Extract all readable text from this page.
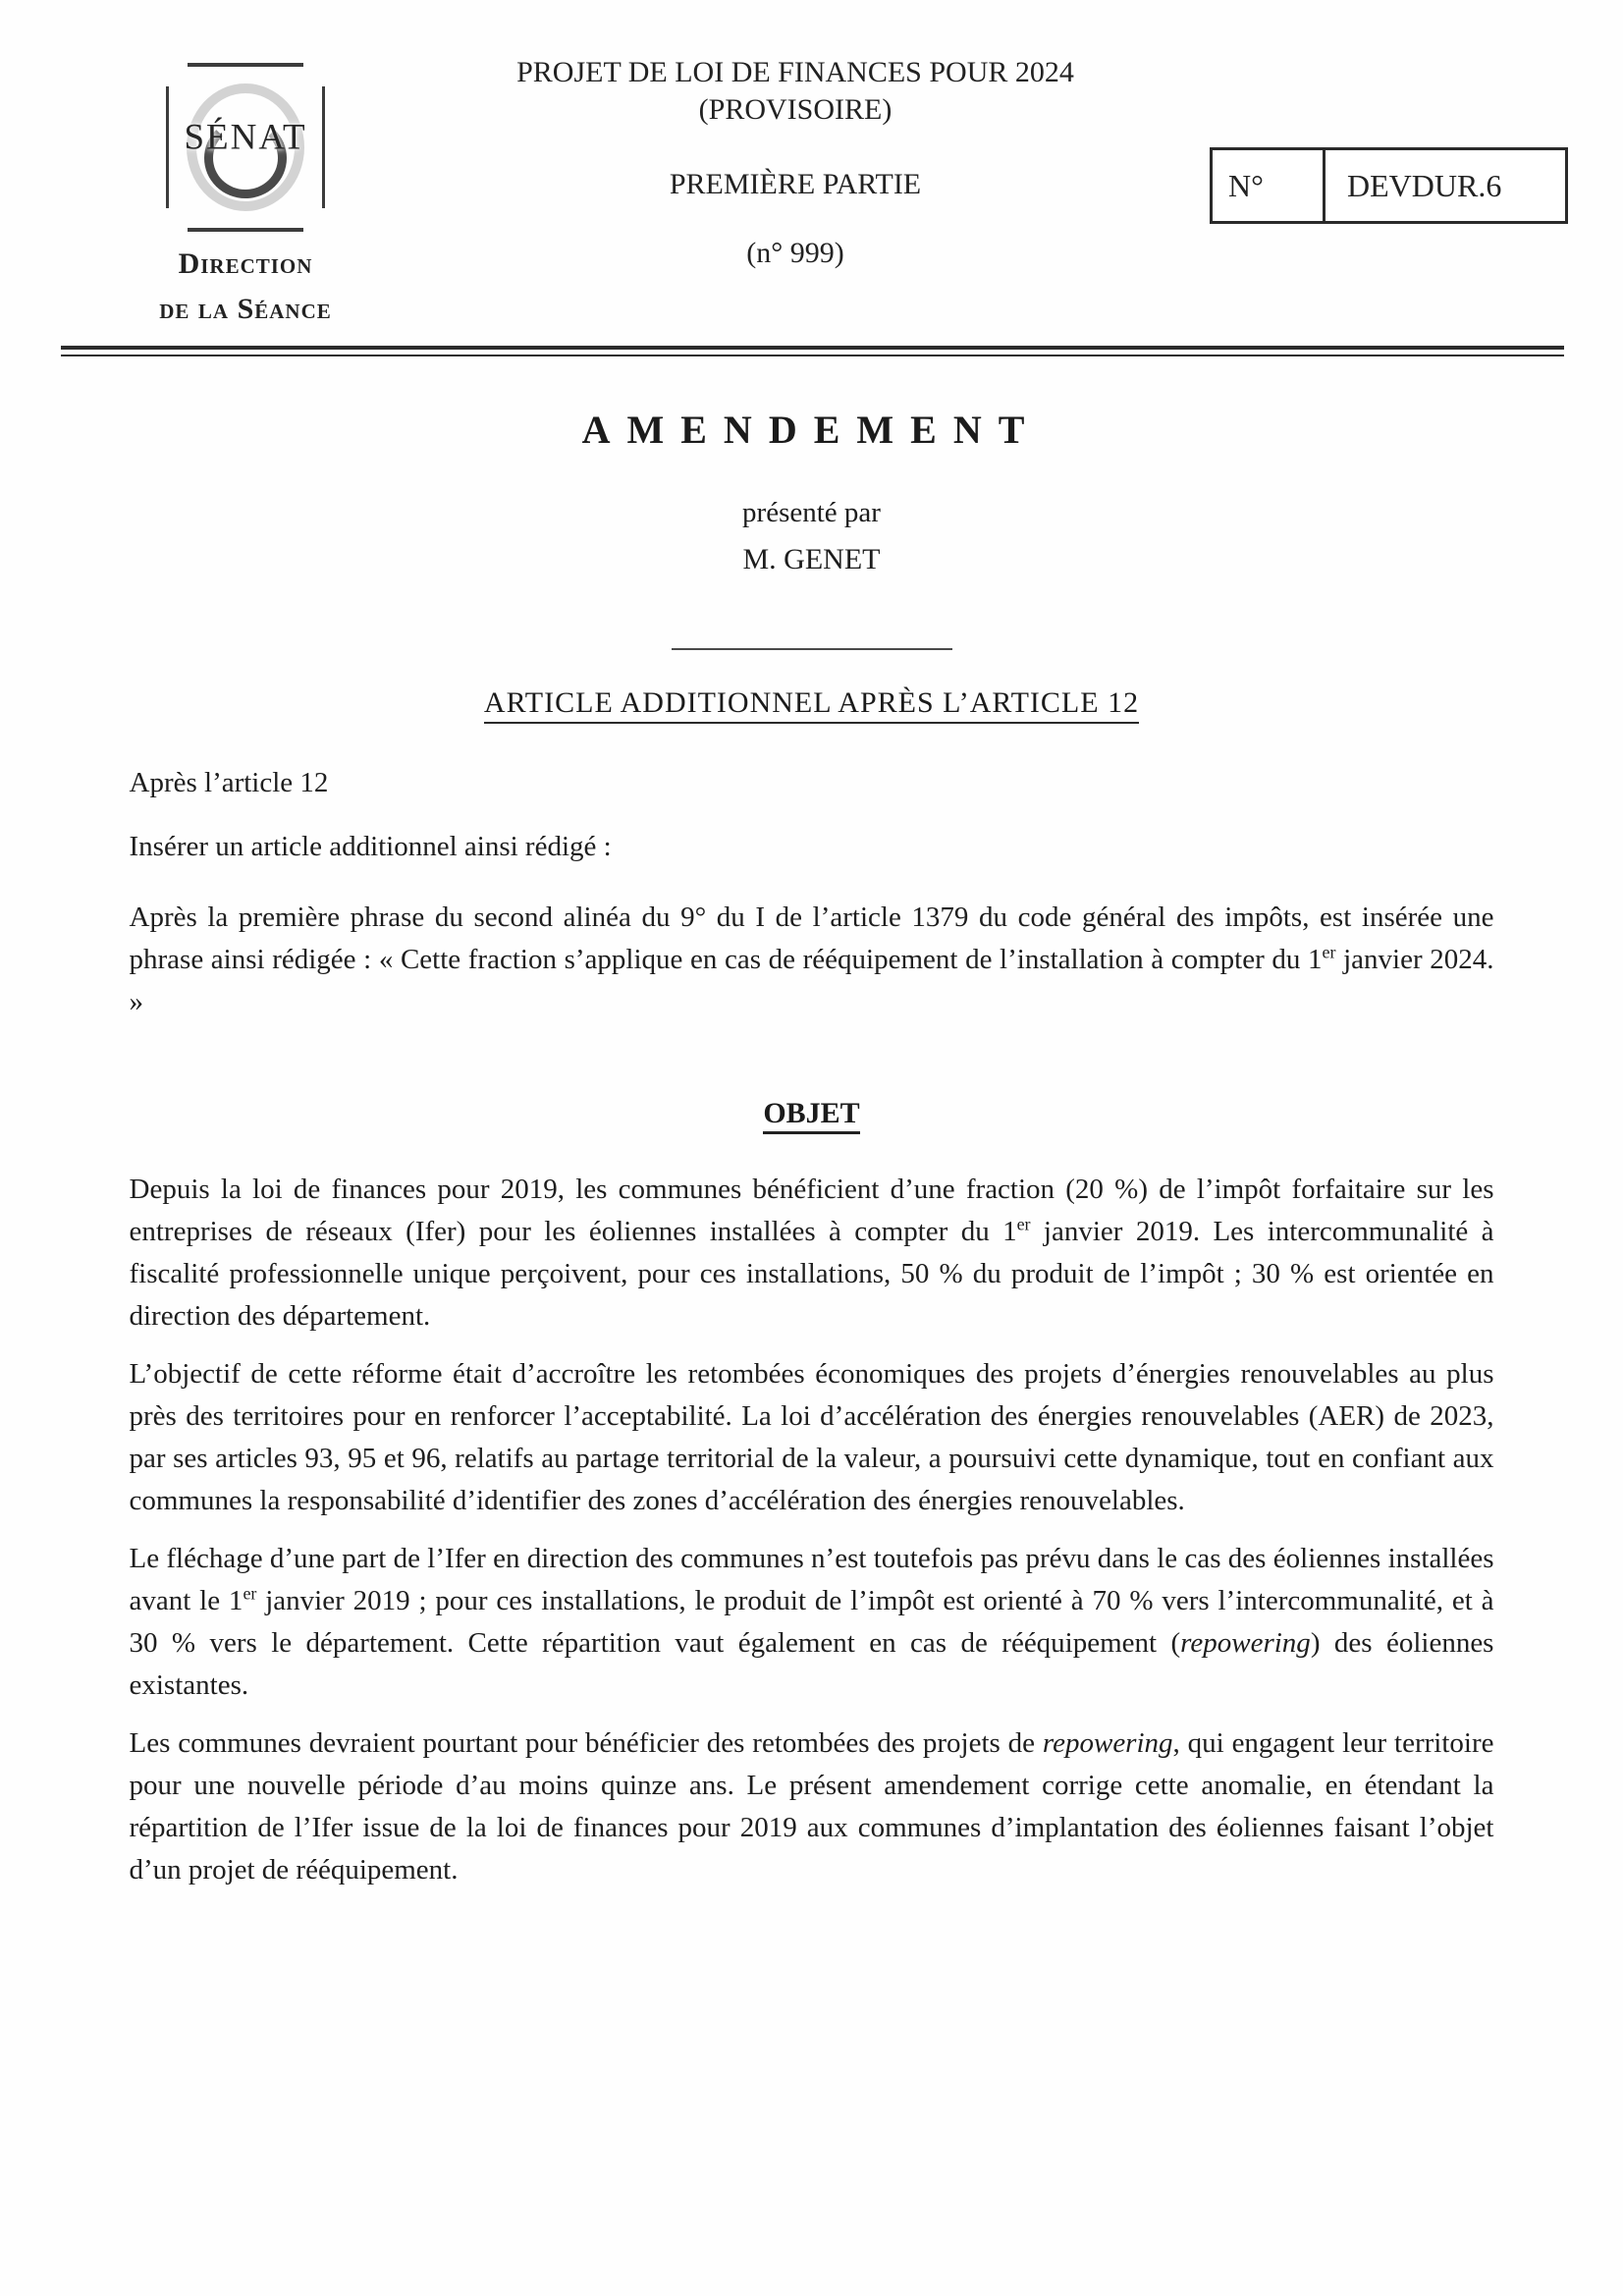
SÉNAT
Direction
de la Séance
PROJET DE LOI DE FINANCES POUR 2024
(PROVISOIRE)
PREMIÈRE PARTIE
(n° 999)
N°	DEVDUR.6
AMENDEMENT

présenté par

M. GENET

ARTICLE ADDITIONNEL APRÈS L’ARTICLE 12

Après l’article 12

Insérer un article additionnel ainsi rédigé :

Après la première phrase du second alinéa du 9° du I de l’article 1379 du code général des impôts, est insérée une phrase ainsi rédigée : « Cette fraction s’applique en cas de rééquipement de l’installation à compter du 1er janvier 2024. »

OBJET

Depuis la loi de finances pour 2019, les communes bénéficient d’une fraction (20 %) de l’impôt forfaitaire sur les entreprises de réseaux (Ifer) pour les éoliennes installées à compter du 1er janvier 2019. Les intercommunalité à fiscalité professionnelle unique perçoivent, pour ces installations, 50 % du produit de l’impôt ; 30 % est orientée en direction des département.

L’objectif de cette réforme était d’accroître les retombées économiques des projets d’énergies renouvelables au plus près des territoires pour en renforcer l’acceptabilité. La loi d’accélération des énergies renouvelables (AER) de 2023, par ses articles 93, 95 et 96, relatifs au partage territorial de la valeur, a poursuivi cette dynamique, tout en confiant aux communes la responsabilité d’identifier des zones d’accélération des énergies renouvelables.

Le fléchage d’une part de l’Ifer en direction des communes n’est toutefois pas prévu dans le cas des éoliennes installées avant le 1er janvier 2019 ; pour ces installations, le produit de l’impôt est orienté à 70 % vers l’intercommunalité, et à 30 % vers le département. Cette répartition vaut également en cas de rééquipement (repowering) des éoliennes existantes.

Les communes devraient pourtant pour bénéficier des retombées des projets de repowering, qui engagent leur territoire pour une nouvelle période d’au moins quinze ans. Le présent amendement corrige cette anomalie, en étendant la répartition de l’Ifer issue de la loi de finances pour 2019 aux communes d’implantation des éoliennes faisant l’objet d’un projet de rééquipement.
